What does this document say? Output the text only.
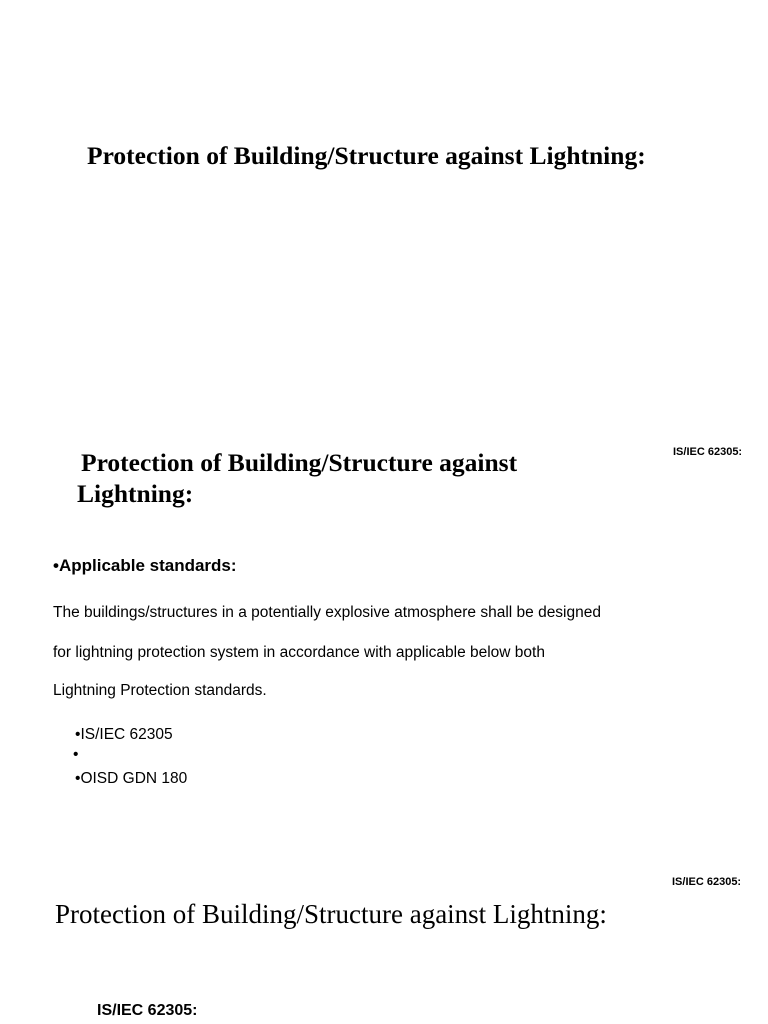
Protection of Building/Structure against Lightning:
Protection of Building/Structure against
Lightning:
IS/IEC 62305:
•Applicable standards:
The buildings/structures in a potentially explosive atmosphere shall be designed
for lightning protection system in accordance with applicable below both
Lightning Protection standards.
•IS/IEC 62305
•
•OISD GDN 180
IS/IEC 62305:
Protection of Building/Structure against Lightning:
IS/IEC 62305:
